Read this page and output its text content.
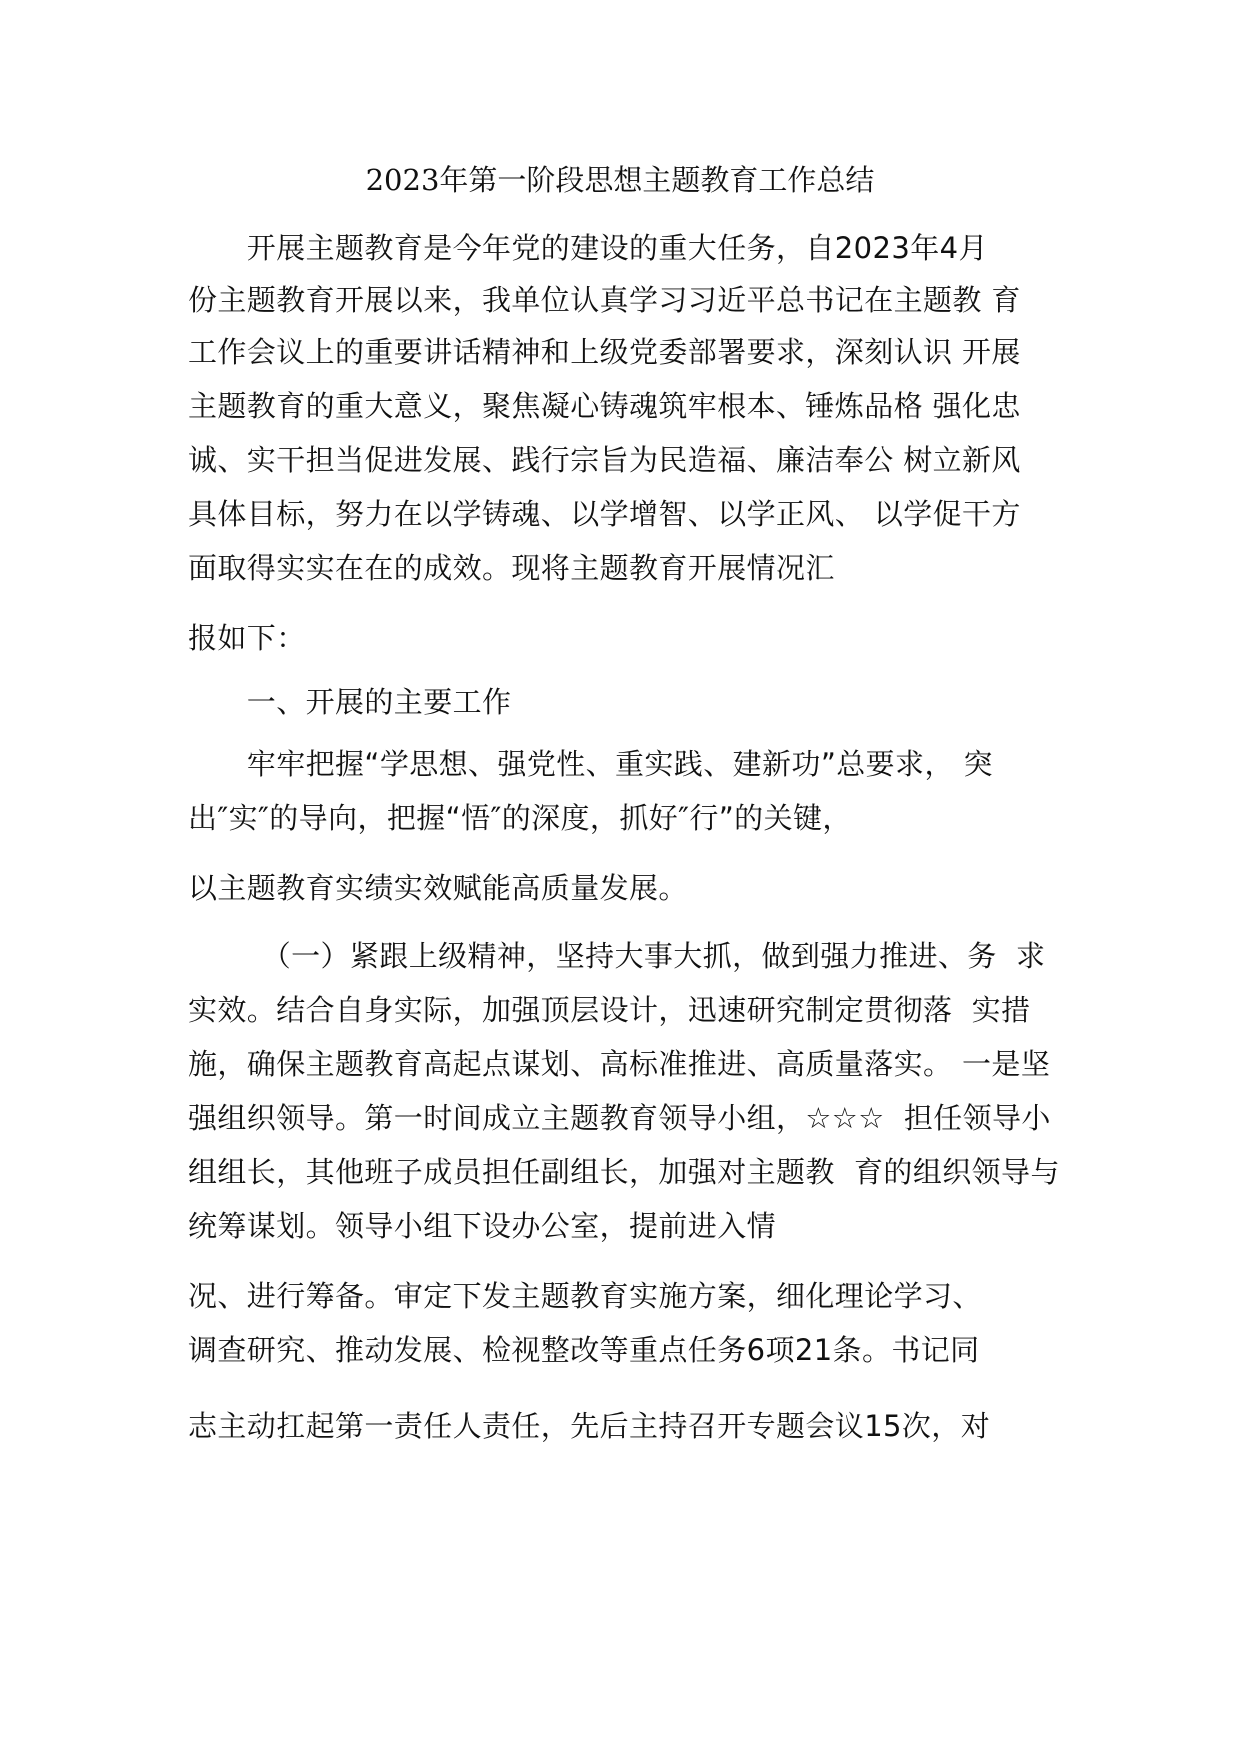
2023年第一阶段思想主题教育工作总结
　　开展主题教育是今年党的建设的重大任务，自2023年4月
份主题教育开展以来，我单位认真学习习近平总书记在主题教 育
工作会议上的重要讲话精神和上级党委部署要求，深刻认识 开展
主题教育的重大意义，聚焦凝心铸魂筑牢根本、锤炼品格 强化忠
诚、实干担当促进发展、践行宗旨为民造福、廉洁奉公 树立新风
具体目标，努力在以学铸魂、以学增智、以学正风、 以学促干方
面取得实实在在的成效。现将主题教育开展情况汇
报如下：
　　一、开展的主要工作
　　牢牢把握“学思想、强党性、重实践、建新功”总要求， 突
出″实″的导向，把握“悟″的深度，抓好″行”的关键，
以主题教育实绩实效赋能高质量发展。
　　　（一）紧跟上级精神，坚持大事大抓，做到强力推进、务  求
实效。结合自身实际，加强顶层设计，迅速研究制定贯彻落  实措
施，确保主题教育高起点谋划、高标准推进、高质量落实。 一是坚
强组织领导。第一时间成立主题教育领导小组，☆☆☆  担任领导小
组组长，其他班子成员担任副组长，加强对主题教  育的组织领导与
统筹谋划。领导小组下设办公室，提前进入情
况、进行筹备。审定下发主题教育实施方案，细化理论学习、
调查研究、推动发展、检视整改等重点任务6项21条。书记同
志主动扛起第一责任人责任，先后主持召开专题会议15次，对
